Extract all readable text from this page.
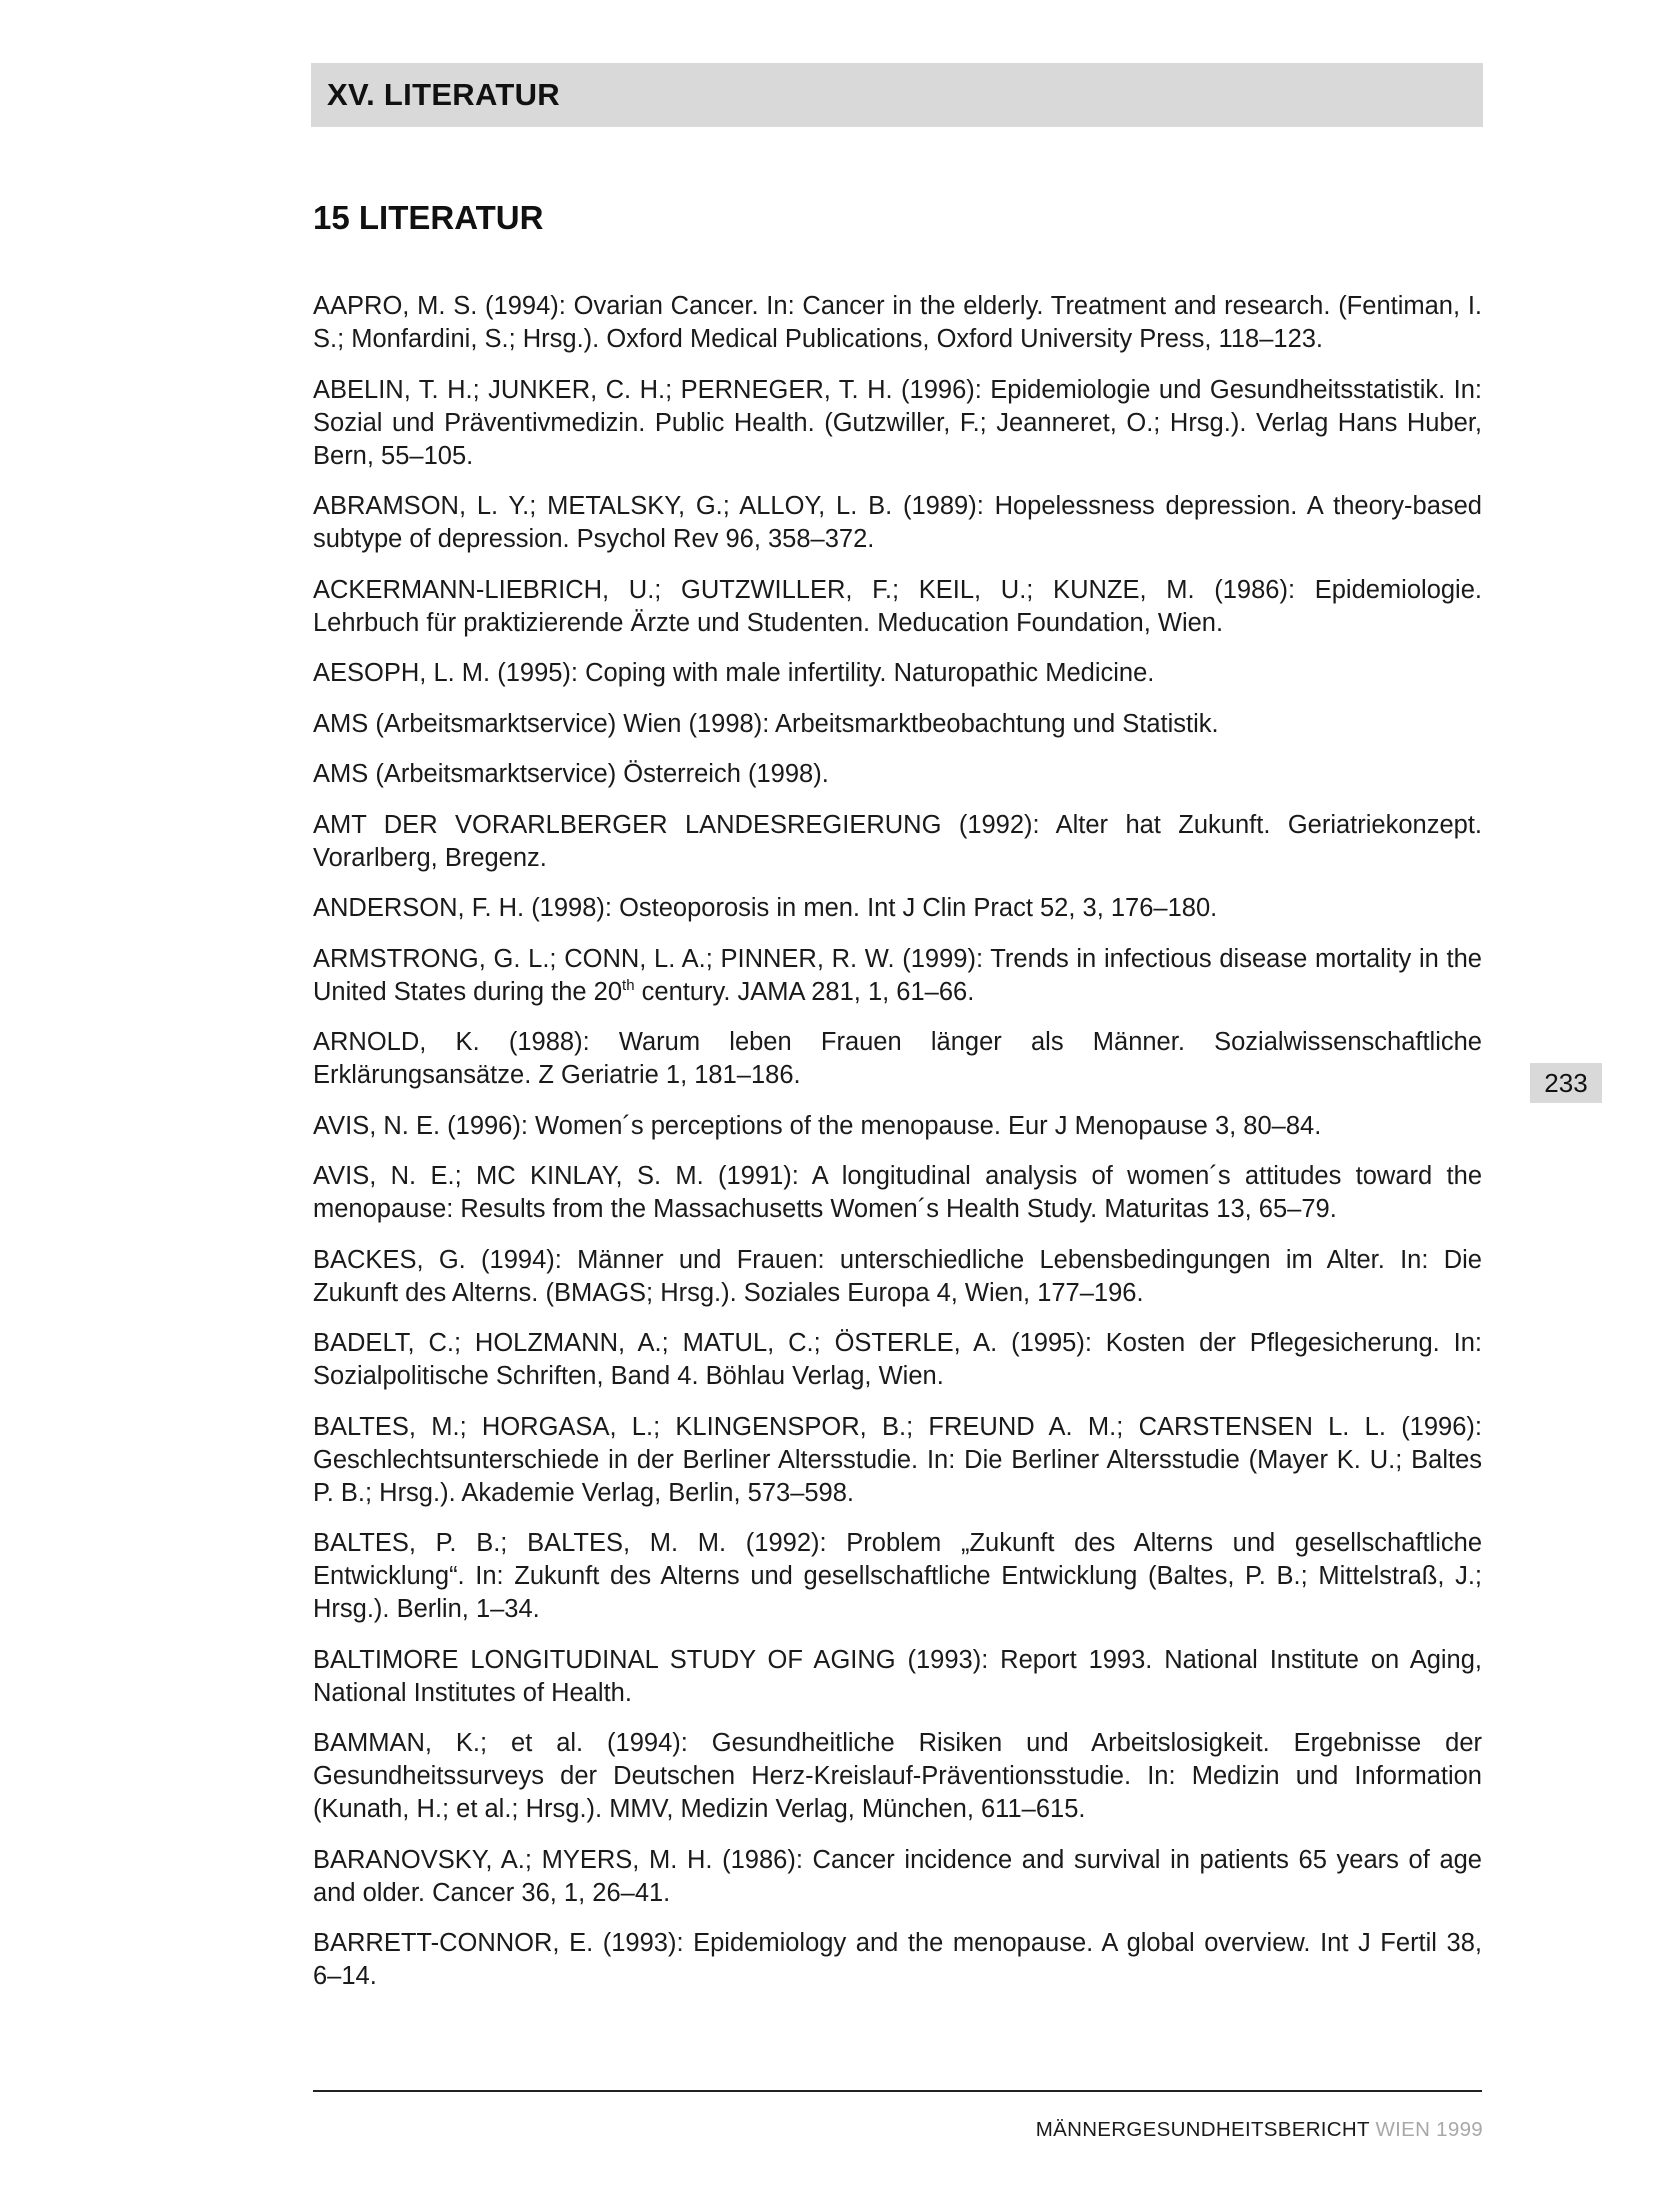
XV. LITERATUR
15 LITERATUR
AAPRO, M. S. (1994): Ovarian Cancer. In: Cancer in the elderly. Treatment and research. (Fentiman, I. S.; Monfardini, S.; Hrsg.). Oxford Medical Publications, Oxford University Press, 118–123.
ABELIN, T. H.; JUNKER, C. H.; PERNEGER, T. H. (1996): Epidemiologie und Gesundheitsstatistik. In: Sozial und Präventivmedizin. Public Health. (Gutzwiller, F.; Jeanneret, O.; Hrsg.). Verlag Hans Huber, Bern, 55–105.
ABRAMSON, L. Y.; METALSKY, G.; ALLOY, L. B. (1989): Hopelessness depression. A theory-based subtype of depression. Psychol Rev 96, 358–372.
ACKERMANN-LIEBRICH, U.; GUTZWILLER, F.; KEIL, U.; KUNZE, M. (1986): Epidemiologie. Lehrbuch für praktizierende Ärzte und Studenten. Meducation Foundation, Wien.
AESOPH, L. M. (1995): Coping with male infertility. Naturopathic Medicine.
AMS (Arbeitsmarktservice) Wien (1998): Arbeitsmarktbeobachtung und Statistik.
AMS (Arbeitsmarktservice) Österreich (1998).
AMT DER VORARLBERGER LANDESREGIERUNG (1992): Alter hat Zukunft. Geriatriekonzept. Vorarlberg, Bregenz.
ANDERSON, F. H. (1998): Osteoporosis in men. Int J Clin Pract 52, 3, 176–180.
ARMSTRONG, G. L.; CONN, L. A.; PINNER, R. W. (1999): Trends in infectious disease mortality in the United States during the 20th century. JAMA 281, 1, 61–66.
ARNOLD, K. (1988): Warum leben Frauen länger als Männer. Sozialwissenschaftliche Erklärungsansätze. Z Geriatrie 1, 181–186.
AVIS, N. E. (1996): Women´s perceptions of the menopause. Eur J Menopause 3, 80–84.
AVIS, N. E.; MC KINLAY, S. M. (1991): A longitudinal analysis of women´s attitudes toward the menopause: Results from the Massachusetts Women´s Health Study. Maturitas 13, 65–79.
BACKES, G. (1994): Männer und Frauen: unterschiedliche Lebensbedingungen im Alter. In: Die Zukunft des Alterns. (BMAGS; Hrsg.). Soziales Europa 4, Wien, 177–196.
BADELT, C.; HOLZMANN, A.; MATUL, C.; ÖSTERLE, A. (1995): Kosten der Pflegesicherung. In: Sozialpolitische Schriften, Band 4. Böhlau Verlag, Wien.
BALTES, M.; HORGASA, L.; KLINGENSPOR, B.; FREUND A. M.; CARSTENSEN L. L. (1996): Geschlechtsunterschiede in der Berliner Altersstudie. In: Die Berliner Altersstudie (Mayer K. U.; Baltes P. B.; Hrsg.). Akademie Verlag, Berlin, 573–598.
BALTES, P. B.; BALTES, M. M. (1992): Problem „Zukunft des Alterns und gesellschaftliche Entwicklung“. In: Zukunft des Alterns und gesellschaftliche Entwicklung (Baltes, P. B.; Mittelstraß, J.; Hrsg.). Berlin, 1–34.
BALTIMORE LONGITUDINAL STUDY OF AGING (1993): Report 1993. National Institute on Aging, National Institutes of Health.
BAMMAN, K.; et al. (1994): Gesundheitliche Risiken und Arbeitslosigkeit. Ergebnisse der Gesundheitssurveys der Deutschen Herz-Kreislauf-Präventionsstudie. In: Medizin und Information (Kunath, H.; et al.; Hrsg.). MMV, Medizin Verlag, München, 611–615.
BARANOVSKY, A.; MYERS, M. H. (1986): Cancer incidence and survival in patients 65 years of age and older. Cancer 36, 1, 26–41.
BARRETT-CONNOR, E. (1993): Epidemiology and the menopause. A global overview. Int J Fertil 38, 6–14.
233
MÄNNERGESUNDHEITSBERICHT WIEN 1999
